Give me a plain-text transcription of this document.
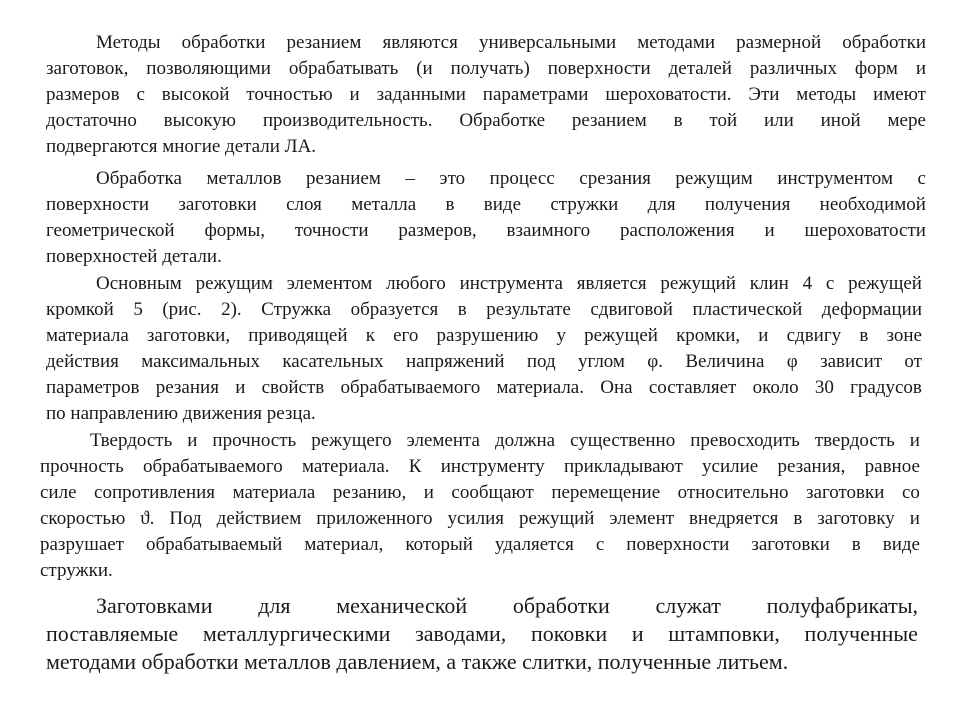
Методы обработки резанием являются универсальными методами размерной обработки
заготовок, позволяющими обрабатывать (и получать) поверхности деталей различных форм и
размеров с высокой точностью и заданными параметрами шероховатости. Эти методы имеют
достаточно высокую производительность. Обработке резанием в той или иной мере
подвергаются многие детали ЛА.
Обработка металлов резанием – это процесс срезания режущим инструментом с
поверхности заготовки слоя металла в виде стружки для получения необходимой
геометрической формы, точности размеров, взаимного расположения и шероховатости
поверхностей детали.
Основным режущим элементом любого инструмента является режущий клин 4 с режущей
кромкой 5 (рис. 2). Стружка образуется в результате сдвиговой пластической деформации
материала заготовки, приводящей к его разрушению у режущей кромки, и сдвигу в зоне
действия максимальных касательных напряжений под углом φ. Величина φ зависит от
параметров резания и свойств обрабатываемого материала. Она составляет около 30 градусов
по направлению движения резца.
Твердость и прочность режущего элемента должна существенно превосходить твердость и
прочность обрабатываемого материала. К инструменту прикладывают усилие резания, равное
силе сопротивления материала резанию, и сообщают перемещение относительно заготовки со
скоростью ϑ. Под действием приложенного усилия режущий элемент внедряется в заготовку и
разрушает обрабатываемый материал, который удаляется с поверхности заготовки в виде
стружки.
Заготовками для механической обработки служат полуфабрикаты,
поставляемые металлургическими заводами, поковки и штамповки, полученные
методами обработки металлов давлением, а также слитки, полученные литьем.
